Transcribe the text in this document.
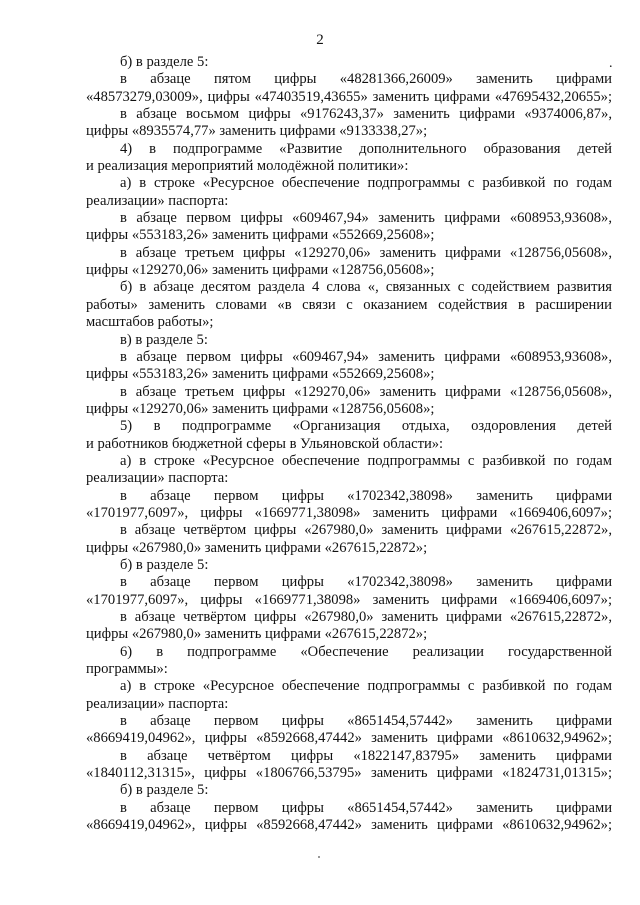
2
.
б) в разделе 5:
в абзаце пятом цифры «48281366,26009» заменить цифрами
«48573279,03009», цифры «47403519,43655» заменить цифрами «47695432,20655»;
в абзаце восьмом цифры «9176243,37» заменить цифрами «9374006,87»,
цифры «8935574,77» заменить цифрами «9133338,27»;
4) в подпрограмме «Развитие дополнительного образования детей
и реализация мероприятий молодёжной политики»:
а) в строке «Ресурсное обеспечение подпрограммы с разбивкой по годам
реализации» паспорта:
в абзаце первом цифры «609467,94» заменить цифрами «608953,93608»,
цифры «553183,26» заменить цифрами «552669,25608»;
в абзаце третьем цифры «129270,06» заменить цифрами «128756,05608»,
цифры «129270,06» заменить цифрами «128756,05608»;
б) в абзаце десятом раздела 4 слова «, связанных с содействием развития
работы» заменить словами «в связи с оказанием содействия в расширении
масштабов работы»;
в) в разделе 5:
в абзаце первом цифры «609467,94» заменить цифрами «608953,93608»,
цифры «553183,26» заменить цифрами «552669,25608»;
в абзаце третьем цифры «129270,06» заменить цифрами «128756,05608»,
цифры «129270,06» заменить цифрами «128756,05608»;
5) в подпрограмме «Организация отдыха, оздоровления детей
и работников бюджетной сферы в Ульяновской области»:
а) в строке «Ресурсное обеспечение подпрограммы с разбивкой по годам
реализации» паспорта:
в абзаце первом цифры «1702342,38098» заменить цифрами
«1701977,6097», цифры «1669771,38098» заменить цифрами «1669406,6097»;
в абзаце четвёртом цифры «267980,0» заменить цифрами «267615,22872»,
цифры «267980,0» заменить цифрами «267615,22872»;
б) в разделе 5:
в абзаце первом цифры «1702342,38098» заменить цифрами
«1701977,6097», цифры «1669771,38098» заменить цифрами «1669406,6097»;
в абзаце четвёртом цифры «267980,0» заменить цифрами «267615,22872»,
цифры «267980,0» заменить цифрами «267615,22872»;
6) в подпрограмме «Обеспечение реализации государственной
программы»:
а) в строке «Ресурсное обеспечение подпрограммы с разбивкой по годам
реализации» паспорта:
в абзаце первом цифры «8651454,57442» заменить цифрами
«8669419,04962», цифры «8592668,47442» заменить цифрами «8610632,94962»;
в абзаце четвёртом цифры «1822147,83795» заменить цифрами
«1840112,31315», цифры «1806766,53795» заменить цифрами «1824731,01315»;
б) в разделе 5:
в абзаце первом цифры «8651454,57442» заменить цифрами
«8669419,04962», цифры «8592668,47442» заменить цифрами «8610632,94962»;
